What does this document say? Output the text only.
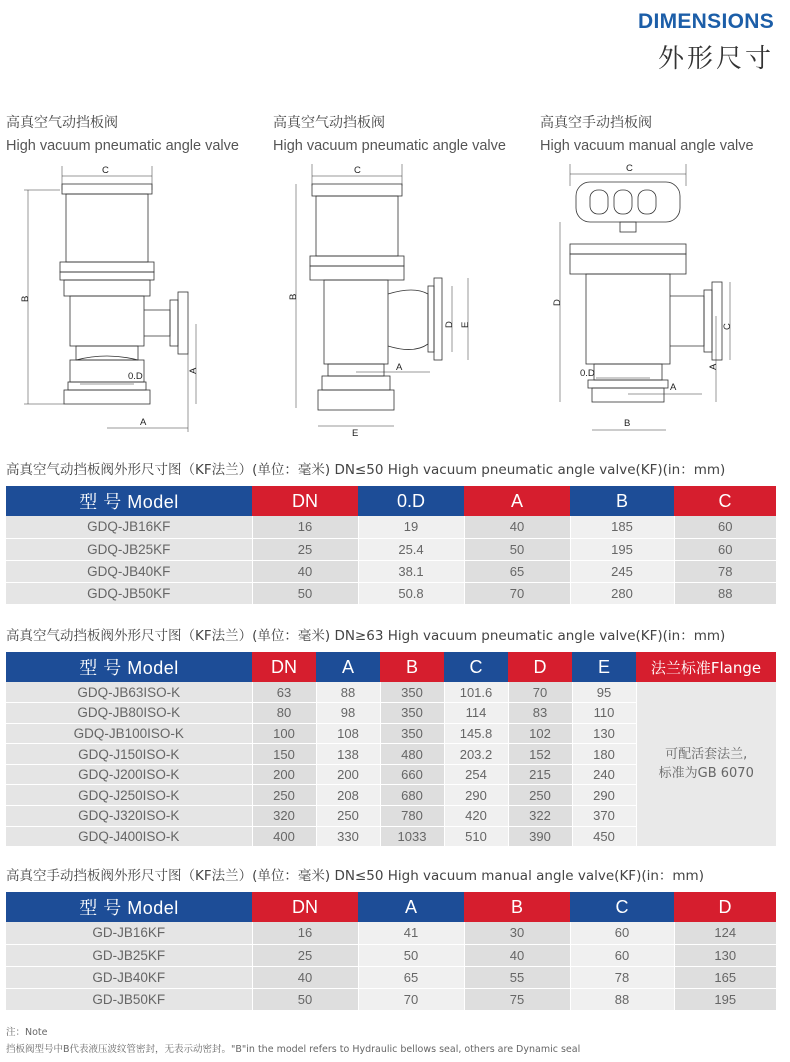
DIMENSIONS
外形尺寸
高真空气动挡板阀
High vacuum pneumatic angle valve
高真空气动挡板阀
High vacuum pneumatic angle valve
高真空手动挡板阀
High vacuum manual angle valve
C
B
A
A
0.D
C
B
E
A
D E
C
D
B
A
A
C
0.D
高真空气动挡板阀外形尺寸图（KF法兰）(单位：毫米) DN≤50 High vacuum pneumatic angle valve(KF)(in：mm)
型 号 Model	DN	0.D	A	B	C
GDQ-JB16KF	16	19	40	185	60
GDQ-JB25KF	25	25.4	50	195	60
GDQ-JB40KF	40	38.1	65	245	78
GDQ-JB50KF	50	50.8	70	280	88
高真空气动挡板阀外形尺寸图（KF法兰）(单位：毫米) DN≥63 High vacuum pneumatic angle valve(KF)(in：mm)
型 号 Model	DN	A	B	C	D	E	法兰标准Flange
GDQ-JB63ISO-K	63	88	350	101.6	70	95	可配活套法兰,
标准为GB 6070

GDQ-JB80ISO-K	80	98	350	114	83	110	
GDQ-JB100ISO-K	100	108	350	145.8	102	130	
GDQ-J150ISO-K	150	138	480	203.2	152	180	
GDQ-J200ISO-K	200	200	660	254	215	240	
GDQ-J250ISO-K	250	208	680	290	250	290	
GDQ-J320ISO-K	320	250	780	420	322	370	
GDQ-J400ISO-K	400	330	1033	510	390	450	
高真空手动挡板阀外形尺寸图（KF法兰）(单位：毫米) DN≤50 High vacuum manual angle valve(KF)(in：mm)
型 号 Model	DN	A	B	C	D
GD-JB16KF	16	41	30	60	124
GD-JB25KF	25	50	40	60	130
GD-JB40KF	40	65	55	78	165
GD-JB50KF	50	70	75	88	195
注：Note
挡板阀型号中B代表液压波纹管密封，无表示动密封。"B"in the model refers to Hydraulic bellows seal, others are Dynamic seal
